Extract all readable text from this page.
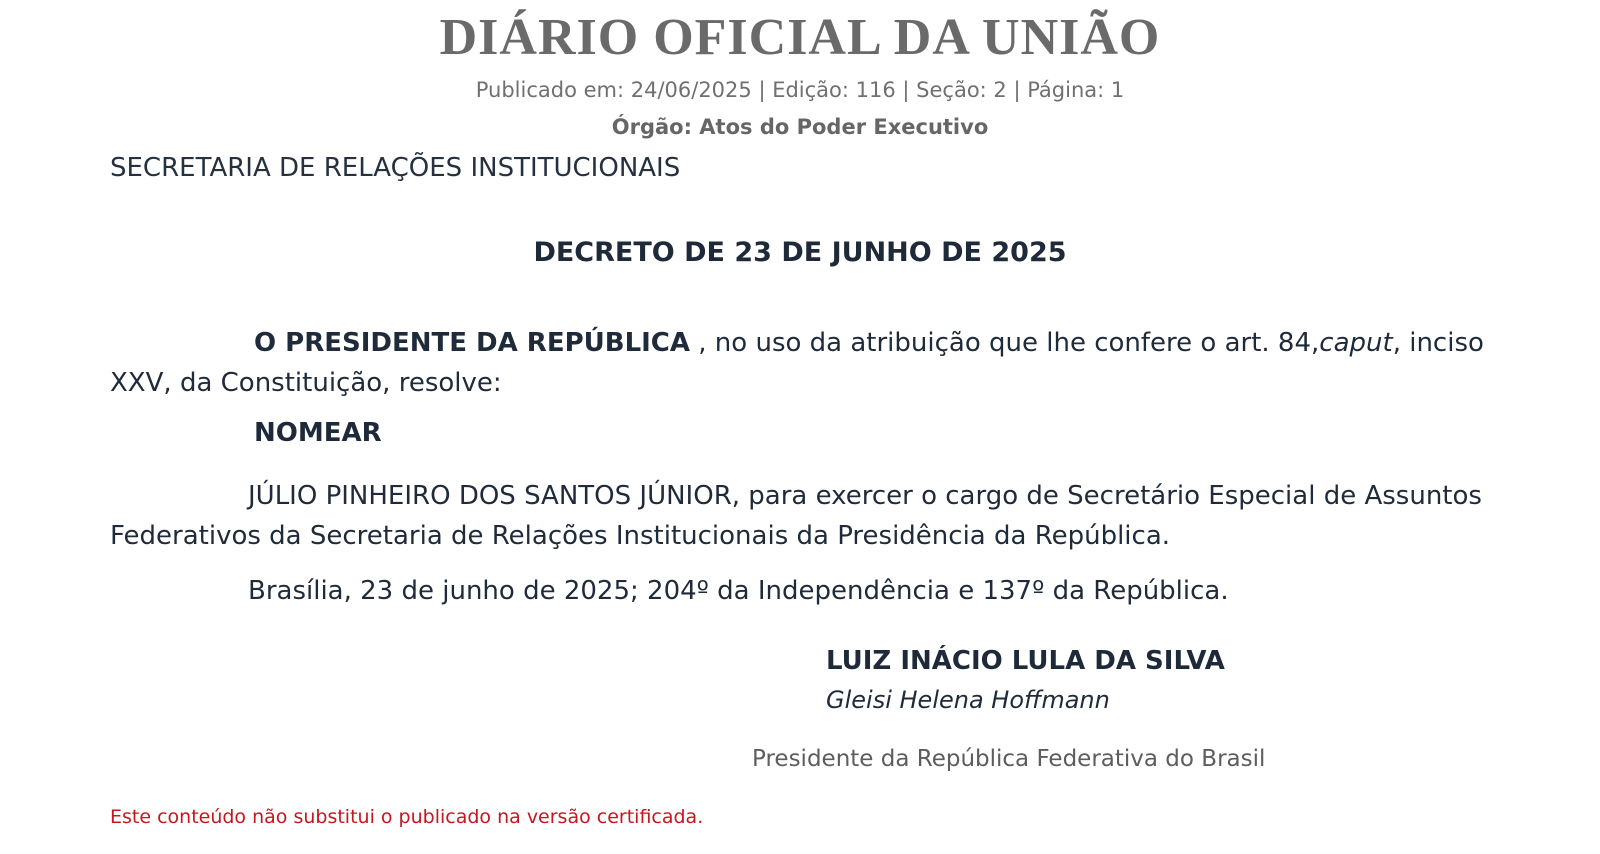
DIÁRIO OFICIAL DA UNIÃO
Publicado em: 24/06/2025 | Edição: 116 | Seção: 2 | Página: 1
Órgão: Atos do Poder Executivo
SECRETARIA DE RELAÇÕES INSTITUCIONAIS
DECRETO DE 23 DE JUNHO DE 2025
O PRESIDENTE DA REPÚBLICA , no uso da atribuição que lhe confere o art. 84,caput, inciso XXV, da Constituição, resolve:
NOMEAR
JÚLIO PINHEIRO DOS SANTOS JÚNIOR, para exercer o cargo de Secretário Especial de Assuntos Federativos da Secretaria de Relações Institucionais da Presidência da República.
Brasília, 23 de junho de 2025; 204º da Independência e 137º da República.
LUIZ INÁCIO LULA DA SILVA
Gleisi Helena Hoffmann
Presidente da República Federativa do Brasil
Este conteúdo não substitui o publicado na versão certificada.
